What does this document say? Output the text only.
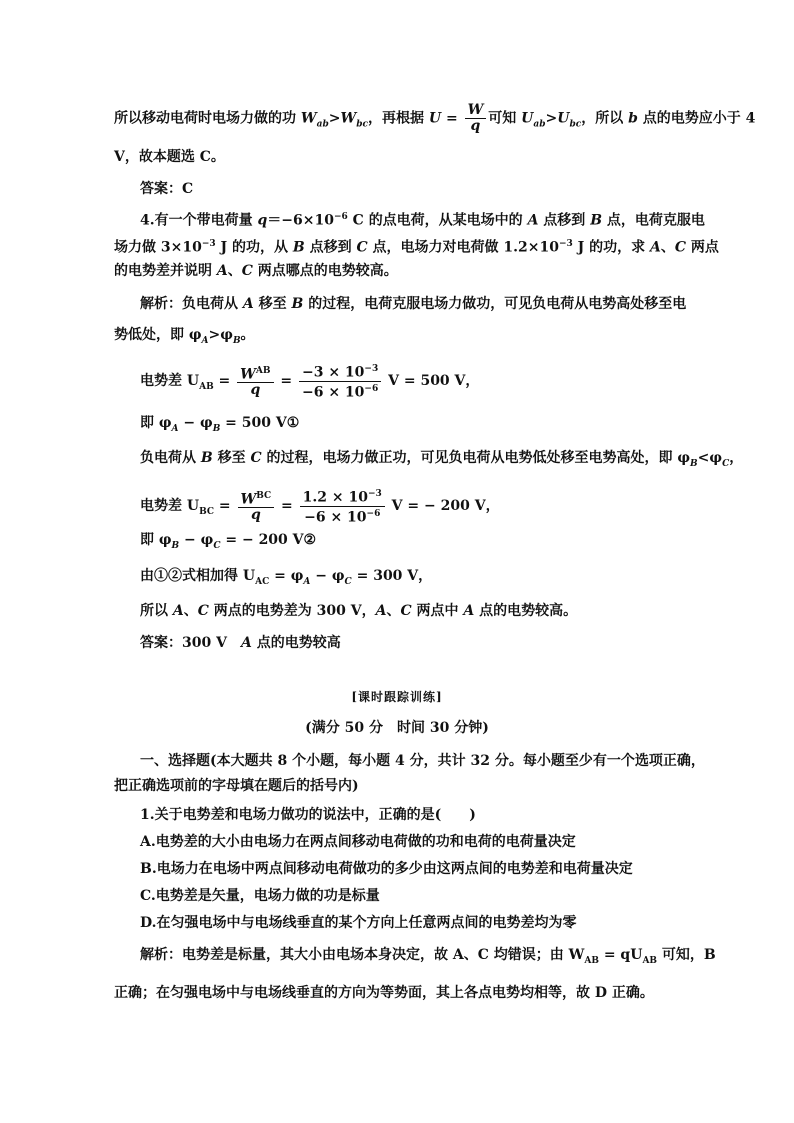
所以移动电荷时电场力做的功 $W_{ab}>W_{bc}$，再根据 $U = \frac{W}{q}$ 可知 $U_{ab}>U_{bc}$，所以 b 点的电势应小于 4
V，故本题选 C。
答案：C
4.有一个带电荷量 $q=-6\times 10^{-6}$ C 的点电荷，从某电场中的 A 点移到 B 点，电荷克服电
场力做 $3\times 10^{-3}$ J 的功，从 B 点移到 C 点，电场力对电荷做 $1.2\times 10^{-3}$ J 的功，求 A、C 两点
的电势差并说明 A、C 两点哪点的电势较高。
解析：负电荷从 A 移至 B 的过程，电荷克服电场力做功，可见负电荷从电势高处移至电
势低处，即 $\varphi_A>\varphi_B$。
电势差 $U_{AB} = \frac{W^{AB}}{q} = \frac{-3 \times 10^{-3}}{-6 \times 10^{-6}}$ V = 500 V，
即 $\varphi_A - \varphi_B = 500$ V①
负电荷从 B 移至 C 的过程，电场力做正功，可见负电荷从电势低处移至电势高处，即 $\varphi_B<\varphi_C$，
电势差 $U_{BC} = \frac{W^{BC}}{q} = \frac{1.2 \times 10^{-3}}{-6 \times 10^{-6}}$ V = − 200 V，
即 $\varphi_B - \varphi_C$ = − 200 V②
由①②式相加得 $U_{AC} = \varphi_A - \varphi_C = 300$ V，
所以 A、C 两点的电势差为 300 V，A、C 两点中 A 点的电势较高。
答案：300 V　A 点的电势较高
[课时跟踪训练]
(满分 50 分　时间 30 分钟)
一、选择题(本大题共 8 个小题，每小题 4 分，共计 32 分。每小题至少有一个选项正确，
把正确选项前的字母填在题后的括号内)
1.关于电势差和电场力做功的说法中，正确的是(　　)
A.电势差的大小由电场力在两点间移动电荷做的功和电荷的电荷量决定
B.电场力在电场中两点间移动电荷做功的多少由这两点间的电势差和电荷量决定
C.电势差是矢量，电场力做的功是标量
D.在匀强电场中与电场线垂直的某个方向上任意两点间的电势差均为零
解析：电势差是标量，其大小由电场本身决定，故 A、C 均错误；由 $W_{AB} = qU_{AB}$ 可知，B
正确；在匀强电场中与电场线垂直的方向为等势面，其上各点电势均相等，故 D 正确。
